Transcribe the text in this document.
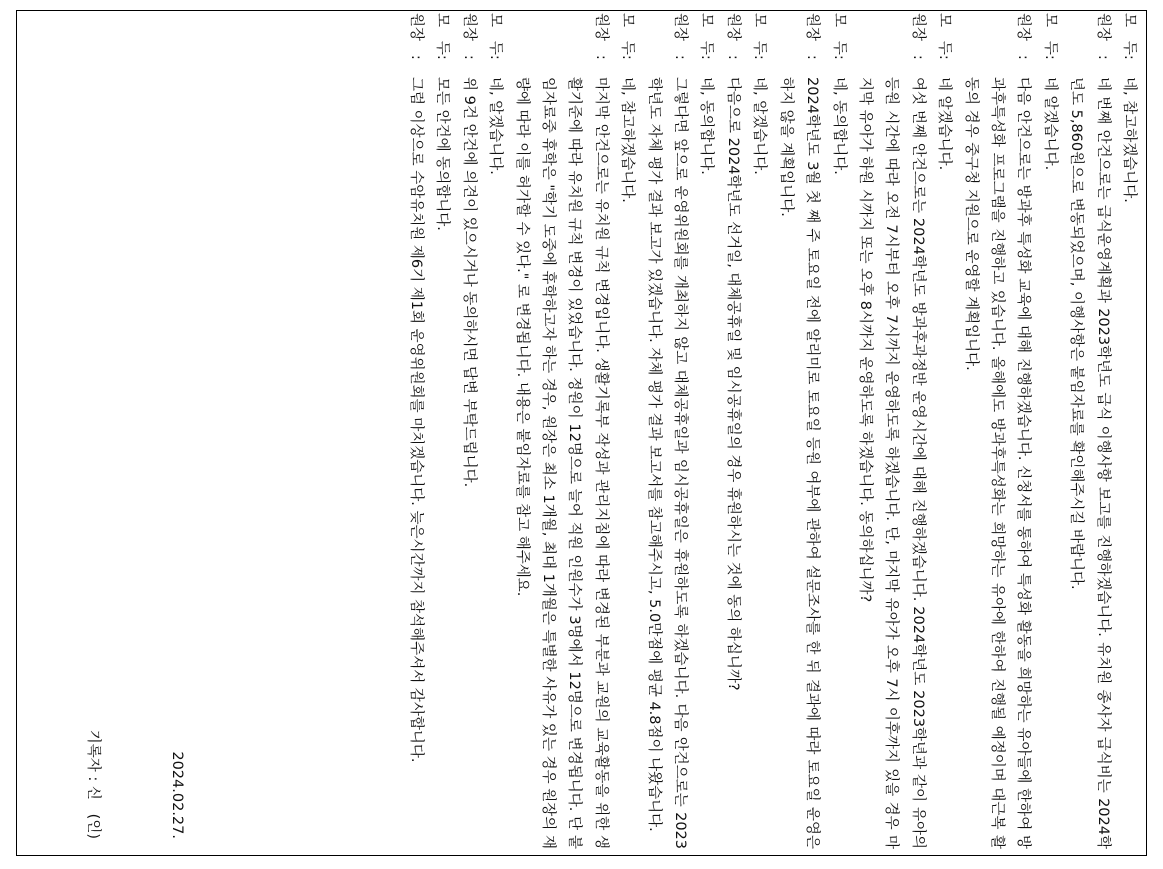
모   두:
네, 참고하겠습니다.
원장   :
네 번째 안건으로는 급식운영계획과 2023학년도 급식 이행사항 보고를 진행하겠습니다. 유치원 종사자 급식비는 2024학년도 5,860원으로 변동되었으며, 이행사항은 붙임자료를 확인해주시길 바랍니다.
모   두:
네 알겠습니다.
원장   :
다음 안건으로는 방과후 특성화 교육에 대해 진행하겠습니다. 신청서를 통하여 특성화 활동을 희망하는 유아들에 한하여 방과후특성화 프로그램을 진행하고 있습니다. 올해에도 방과후특성화는 희망하는 유아에 한하여 진행될 예정이며 대근복 활동의 경우 중구청 지원으로 운영할 계획입니다.
모   두:
네 알겠습니다.
원장   :
여섯 번째 안건으로는 2024학년도 방과후과정반 운영시간에 대해 진행하겠습니다. 2024학년도 2023학년과 같이 유아의 등원 시간에 따라 오전 7시부터 오후 7시까지 운영하도록 하겠습니다. 단, 마지막 유아가 오후 7시 이후까지 있을 경우 마지막 유아가 하원 시까지 또는 오후 8시까지 운영하도록 하겠습니다. 동의하십니까?
모   두:
네, 동의합니다.
원장   :
2024학년도 3월 첫 째 주 토요일 전에 알리미로 토요일 등원 여부에 관하여 설문조사를 한 뒤 결과에 따라 토요일 운영은 하지 않을 계획입니다.
모   두:
네, 알겠습니다.
원장   :
다음으로 2024학년도 선거일, 대체공휴일 및 임시공휴일의 경우 휴원하시는 것에 동의 하십니까?
모   두:
네, 동의합니다.
원장   :
그렇다면 앞으로 운영위원회를 개최하지 않고 대체공휴일과 임시공휴일은 휴원하도록 하겠습니다. 다음 안건으로는 2023학년도 자체 평가 결과 보고가 있겠습니다. 자체 평가 결과 보고서를 참고해주시고, 5.0만점에 평균 4.8점이 나왔습니다.
모   두:
네, 참고하겠습니다.
원장   :
마지막 안건으로는 유치원 규칙 변경입니다. 생활기록부 작성과 관리지침에 따라 변경된 부분과 교원의 교육활동을 위한 생활기준에 따라 유치원 규칙 변경이 있었습니다. 정원이 12명으로 늘어 직원 인원수가 3명에서 12명으로 변경됩니다. 단 붙임자료중 휴학은 "학기 도중에 휴학하고자 하는 경우, 원장은 최소 1개월, 최대 1개월은 특별한 사유가 있는 경우 원장의 재량에 따라 이를 허가할 수 있다." 로 변경됩니다. 내용은 붙임자료를 참고 해주세요.
모   두:
네, 알겠습니다.
원장   :
위 9건 안건에 의견이 있으시거나 동의하시면 답변 부탁드립니다.
모   두:
모든 안건에 동의합니다.
원장   :
그럼 이상으로 수암유치원 제6기 제1회 운영위원회를 마치겠습니다. 늦은시간까지 참석해주셔서 감사합니다.
2024.02.27.
기록자 : 신   (인)
